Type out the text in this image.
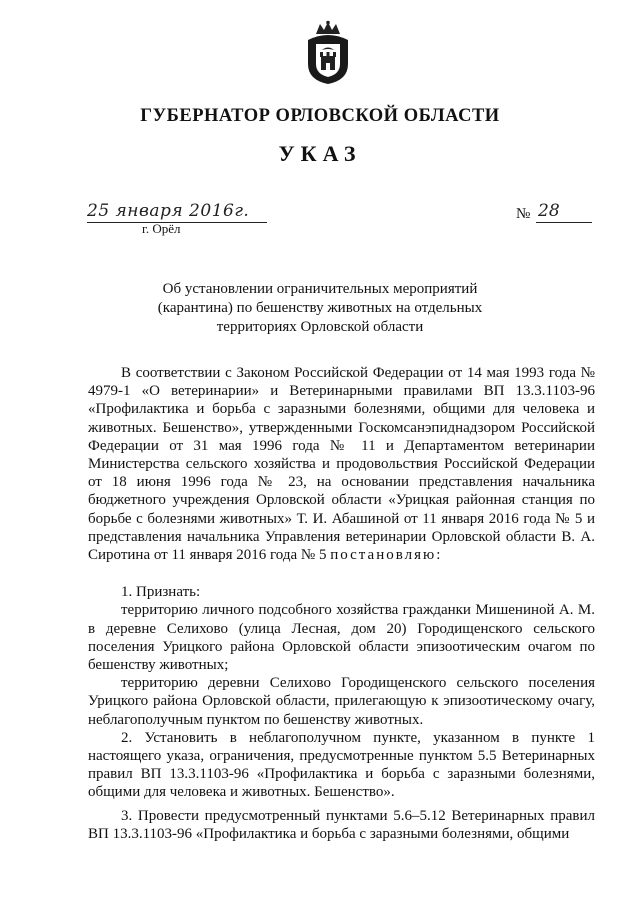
ГУБЕРНАТОР ОРЛОВСКОЙ ОБЛАСТИ
УКАЗ
25 января 2016г.
г. Орёл
№ 28
Об установлении ограничительных мероприятий
(карантина) по бешенству животных на отдельных
территориях Орловской области

В соответствии с Законом Российской Федерации от 14 мая 1993 года № 4979-1 «О ветеринарии» и Ветеринарными правилами ВП 13.3.1103-96 «Профилактика и борьба с заразными болезнями, общими для человека и животных. Бешенство», утвержденными Госкомсанэпиднадзором Российской Федерации от 31 мая 1996 года № 11 и Департаментом ветеринарии Министерства сельского хозяйства и продовольствия Российской Федерации от 18 июня 1996 года № 23, на основании представления начальника бюджетного учреждения Орловской области «Урицкая районная станция по борьбе с болезнями животных» Т. И. Абашиной от 11 января 2016 года № 5 и представления начальника Управления ветеринарии Орловской области В. А. Сиротина от 11 января 2016 года № 5 постановляю:

1. Признать:

территорию личного подсобного хозяйства гражданки Мишениной А. М. в деревне Селихово (улица Лесная, дом 20) Городищенского сельского поселения Урицкого района Орловской области эпизоотическим очагом по бешенству животных;

территорию деревни Селихово Городищенского сельского поселения Урицкого района Орловской области, прилегающую к эпизоотическому очагу, неблагополучным пунктом по бешенству животных.

2. Установить в неблагополучном пункте, указанном в пункте 1 настоящего указа, ограничения, предусмотренные пунктом 5.5 Ветеринарных правил ВП 13.3.1103-96 «Профилактика и борьба с заразными болезнями, общими для человека и животных. Бешенство».

3. Провести предусмотренный пунктами 5.6–5.12 Ветеринарных правил ВП 13.3.1103-96 «Профилактика и борьба с заразными болезнями, общими
